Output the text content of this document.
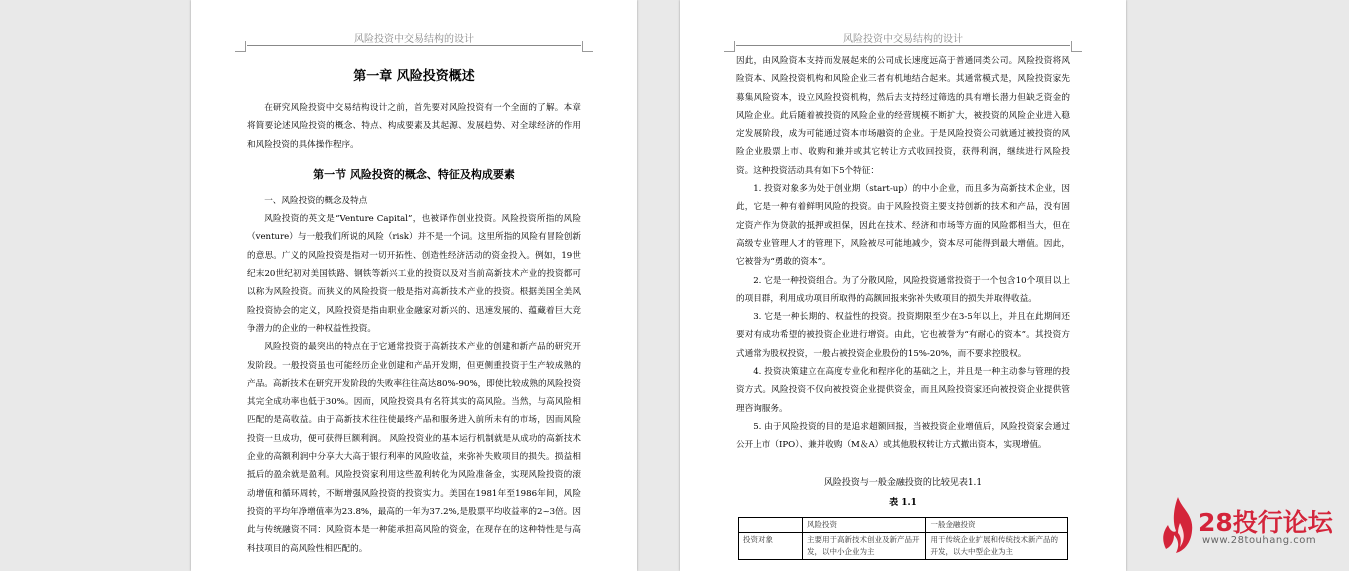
风险投资中交易结构的设计
第一章 风险投资概述

在研究风险投资中交易结构设计之前，首先要对风险投资有一个全面的了解。本章将简要论述风险投资的概念、特点、构成要素及其起源、发展趋势、对全球经济的作用和风险投资的具体操作程序。

第一节 风险投资的概念、特征及构成要素

一、风险投资的概念及特点

风险投资的英文是“Venture Capital”，也被译作创业投资。风险投资所指的风险（venture）与一般我们所说的风险（risk）并不是一个词。这里所指的风险有冒险创新的意思。广义的风险投资是指对一切开拓性、创造性经济活动的资金投入。例如，19世纪末20世纪初对美国铁路、钢铁等新兴工业的投资以及对当前高新技术产业的投资都可以称为风险投资。而狭义的风险投资一般是指对高新技术产业的投资。根据美国全美风险投资协会的定义，风险投资是指由职业金融家对新兴的、迅速发展的、蕴藏着巨大竞争潜力的企业的一种权益性投资。

风险投资的最突出的特点在于它通常投资于高新技术产业的创建和新产品的研究开发阶段。一般投资虽也可能经历企业创建和产品开发期，但更侧重投资于生产较成熟的产品。高新技术在研究开发阶段的失败率往往高达80%-90%，即使比较成熟的风险投资其完全成功率也低于30%。因而，风险投资具有名符其实的高风险。当然，与高风险相匹配的是高收益。由于高新技术往往使最终产品和服务进入前所未有的市场，因而风险投资一旦成功，便可获得巨额利润。 风险投资业的基本运行机制就是从成功的高新技术企业的高额利润中分享大大高于银行利率的风险收益，来弥补失败项目的损失。损益相抵后的盈余就是盈利。风险投资家利用这些盈利转化为风险准备金，实现风险投资的滚动增值和循环周转，不断增强风险投资的投资实力。美国在1981年至1986年间，风险投资的平均年净增值率为23.8%，最高的一年为37.2%,是股票平均收益率的2~3倍。因此与传统融资不同：风险资本是一种能承担高风险的资金，在现存在的这种特性是与高科技项目的高风险性相匹配的。

风险投资中交易结构的设计

因此，由风险资本支持而发展起来的公司成长速度远高于普通同类公司。风险投资将风险资本、风险投资机构和风险企业三者有机地结合起来。其通常模式是，风险投资家先募集风险资本，设立风险投资机构，然后去支持经过筛选的具有增长潜力但缺乏资金的风险企业。此后随着被投资的风险企业的经营规模不断扩大，被投资的风险企业进入稳定发展阶段，成为可能通过资本市场融资的企业。于是风险投资公司就通过被投资的风险企业股票上市、收购和兼并或其它转让方式收回投资，获得利润，继续进行风险投资。这种投资活动具有如下5个特征：

1. 投资对象多为处于创业期（start-up）的中小企业，而且多为高新技术企业，因此，它是一种有着鲜明风险的投资。由于风险投资主要支持创新的技术和产品，没有固定资产作为贷款的抵押或担保，因此在技术、经济和市场等方面的风险都相当大，但在高级专业管理人才的管理下，风险被尽可能地减少，资本尽可能得到最大增值。因此，它被誉为“勇敢的资本”。

2. 它是一种投资组合。为了分散风险，风险投资通常投资于一个包含10个项目以上的项目群，利用成功项目所取得的高额回报来弥补失败项目的损失并取得收益。

3. 它是一种长期的、权益性的投资。投资期限至少在3-5年以上，并且在此期间还要对有成功希望的被投资企业进行增资。由此，它也被誉为“有耐心的资本”。其投资方式通常为股权投资，一般占被投资企业股份的15%-20%，而不要求控股权。

4. 投资决策建立在高度专业化和程序化的基础之上，并且是一种主动参与管理的投资方式。风险投资不仅向被投资企业提供资金，而且风险投资家还向被投资企业提供管理咨询服务。

5. 由于风险投资的目的是追求超额回报，当被投资企业增值后，风险投资家会通过公开上市（IPO）、兼并收购（M＆A）或其他股权转让方式撤出资本，实现增值。

风险投资与一般金融投资的比较见表1.1
表 1.1
	风险投资	一般金融投资
投资对象	主要用于高新技术创业及新产品开发，以中小企业为主	用于传统企业扩展和传统技术新产品的开发，以大中型企业为主
28投行论坛
www.28touhang.com
